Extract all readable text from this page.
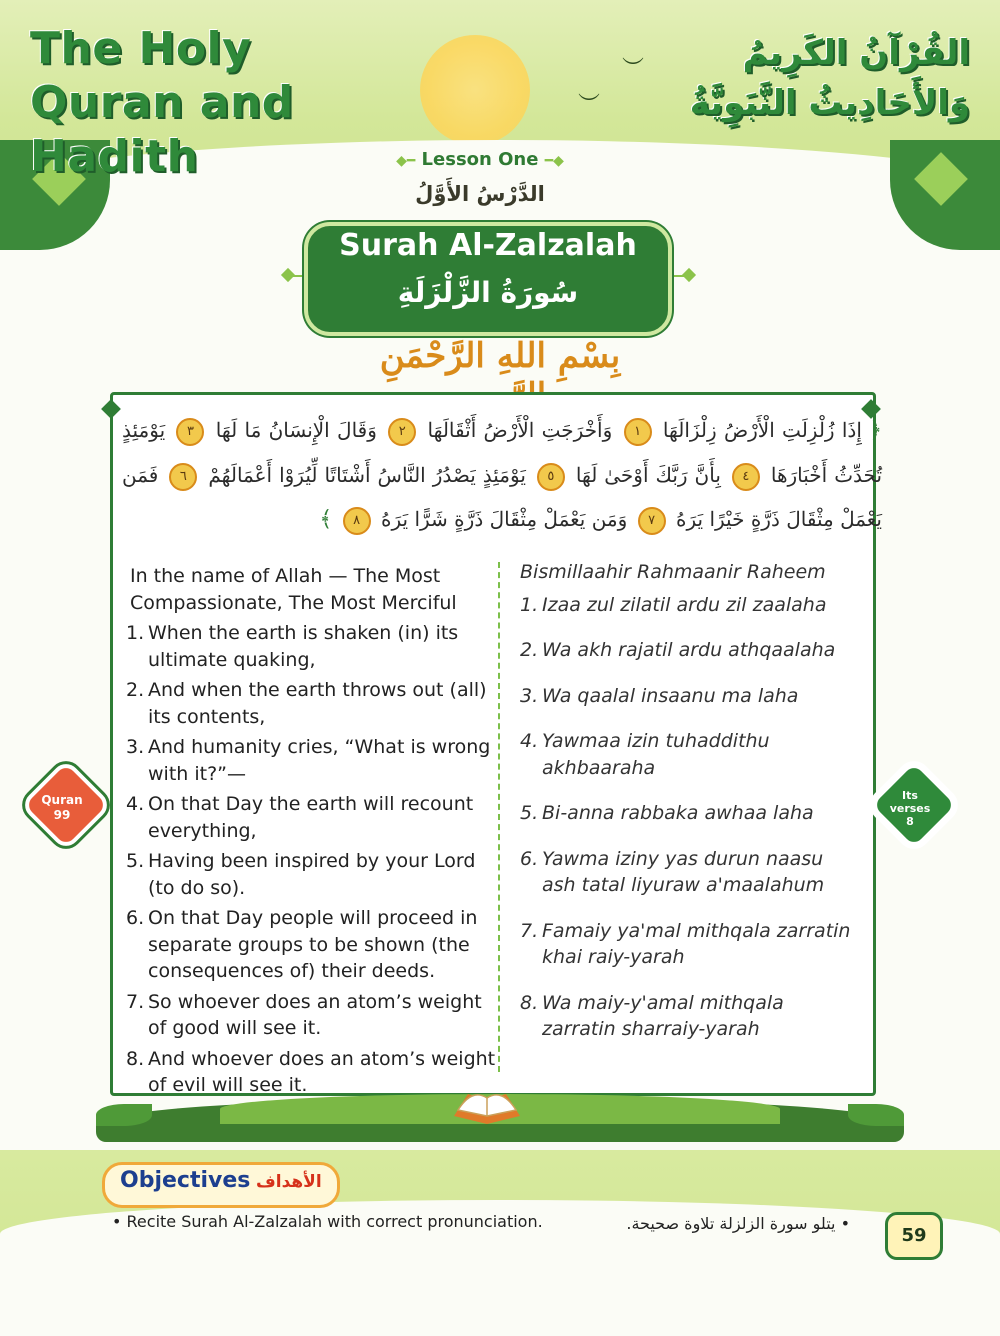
︶
︶
The Holy Quran and Hadith
القُرْآنُ الكَرِيمُ
وَالأَحَادِيثُ النَّبَوِيَّةُ
◆━ Lesson One ━◆
الدَّرْسُ الأَوَّلُ
Surah Al-Zalzalah
سُورَةُ الزَّلْزَلَةِ
بِسْمِ اللهِ الرَّحْمَنِ
﴿ إِذَا زُلْزِلَتِ الْأَرْضُ زِلْزَالَهَا ١ وَأَخْرَجَتِ الْأَرْضُ أَثْقَالَهَا ٢ وَقَالَ الْإِنسَانُ مَا لَهَا ٣ يَوْمَئِذٍ تُحَدِّثُ أَخْبَارَهَا ٤ بِأَنَّ رَبَّكَ أَوْحَىٰ لَهَا ٥ يَوْمَئِذٍ يَصْدُرُ النَّاسُ أَشْتَاتًا لِّيُرَوْا أَعْمَالَهُمْ ٦ فَمَن يَعْمَلْ مِثْقَالَ ذَرَّةٍ خَيْرًا يَرَهُ ٧ وَمَن يَعْمَلْ مِثْقَالَ ذَرَّةٍ شَرًّا يَرَهُ ٨ ﴾
In the name of Allah — The Most Compassionate, The Most Merciful
1. When the earth is shaken (in) its ultimate quaking,
2. And when the earth throws out (all) its contents,
3. And humanity cries, “What is wrong with it?”—
4. On that Day the earth will recount everything,
5. Having been inspired by your Lord (to do so).
6. On that Day people will proceed in separate groups to be shown (the consequences of) their deeds.
7. So whoever does an atom’s weight of good will see it.
8. And whoever does an atom’s weight of evil will see it.
Bismillaahir Rahmaanir Raheem
1. Izaa zul zilatil ardu zil zaalaha
2. Wa akh rajatil ardu athqaalaha
3. Wa qaalal insaanu ma laha
4. Yawmaa izin tuhaddithu akhbaaraha
5. Bi-anna rabbaka awhaa laha
6. Yawma iziny yas durun naasu ash tatal liyuraw a'maalahum
7. Famaiy ya'mal mithqala zarratin khai raiy-yarah
8. Wa maiy-y'amal mithqala zarratin sharraiy-yarah
Quran
99
Its
verses
8
Objectives الأهداف
• Recite Surah Al-Zalzalah with correct pronunciation.	• يتلو سورة الزلزلة تلاوة صحيحة.
59
